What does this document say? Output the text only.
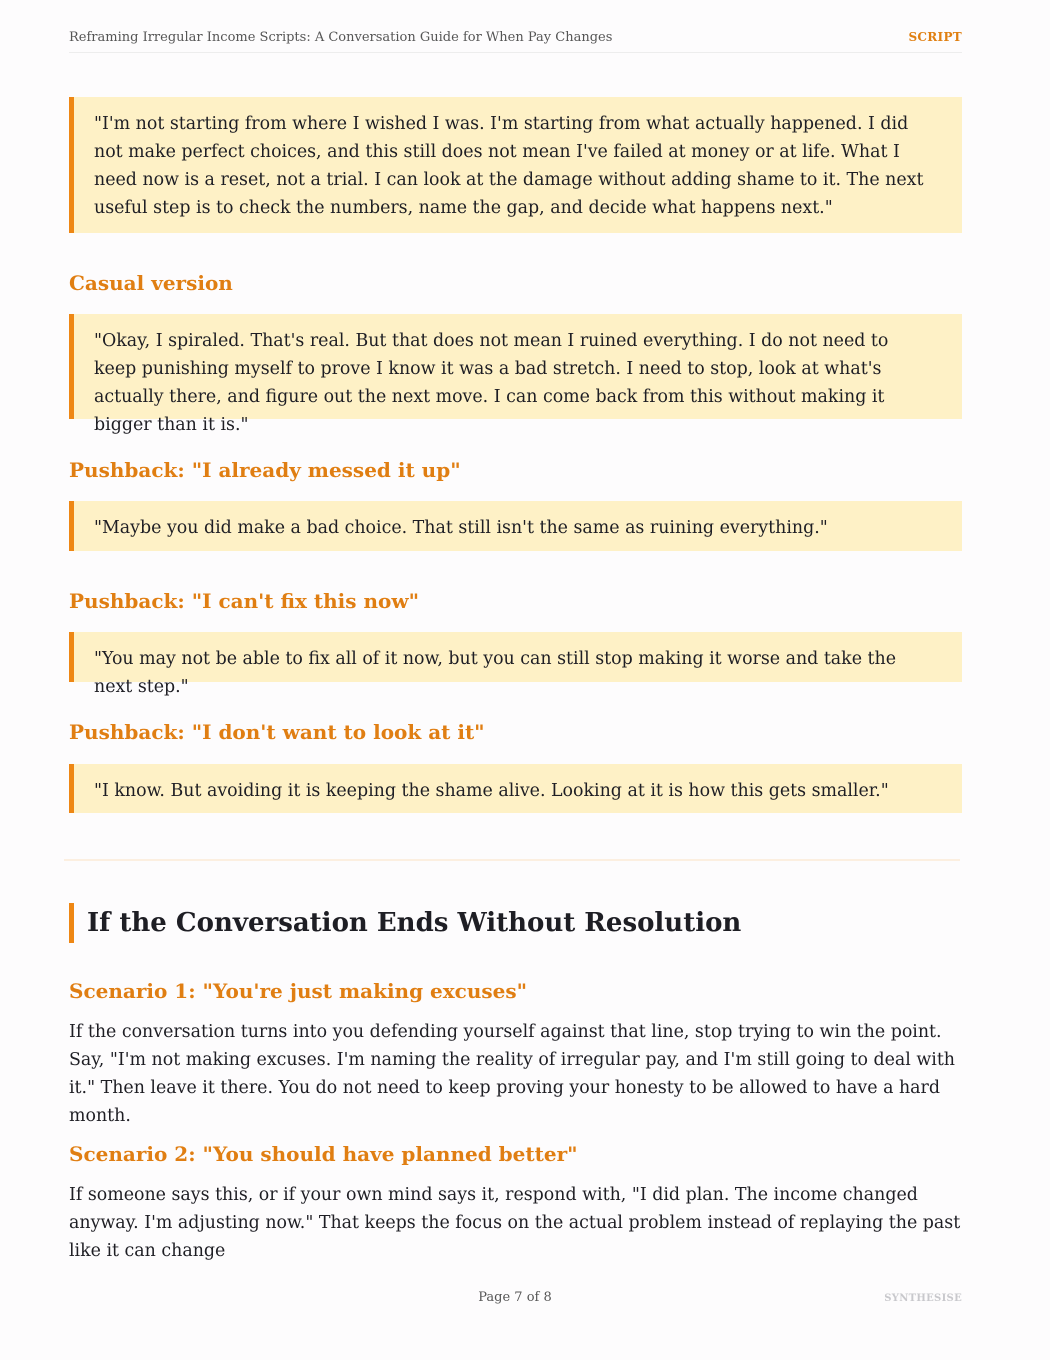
Reframing Irregular Income Scripts: A Conversation Guide for When Pay Changes	SCRIPT
"I'm not starting from where I wished I was. I'm starting from what actually happened. I did not make perfect choices, and this still does not mean I've failed at money or at life. What I need now is a reset, not a trial. I can look at the damage without adding shame to it. The next useful step is to check the numbers, name the gap, and decide what happens next."
Casual version
"Okay, I spiraled. That's real. But that does not mean I ruined everything. I do not need to keep punishing myself to prove I know it was a bad stretch. I need to stop, look at what's actually there, and figure out the next move. I can come back from this without making it bigger than it is."
Pushback: "I already messed it up"
"Maybe you did make a bad choice. That still isn't the same as ruining everything."
Pushback: "I can't fix this now"
"You may not be able to fix all of it now, but you can still stop making it worse and take the next step."
Pushback: "I don't want to look at it"
"I know. But avoiding it is keeping the shame alive. Looking at it is how this gets smaller."
If the Conversation Ends Without Resolution
Scenario 1: "You're just making excuses"
If the conversation turns into you defending yourself against that line, stop trying to win the point. Say, "I'm not making excuses. I'm naming the reality of irregular pay, and I'm still going to deal with it." Then leave it there. You do not need to keep proving your honesty to be allowed to have a hard month.
Scenario 2: "You should have planned better"
If someone says this, or if your own mind says it, respond with, "I did plan. The income changed anyway. I'm adjusting now." That keeps the focus on the actual problem instead of replaying the past like it can change
Page 7 of 8	SYNTHESISE
